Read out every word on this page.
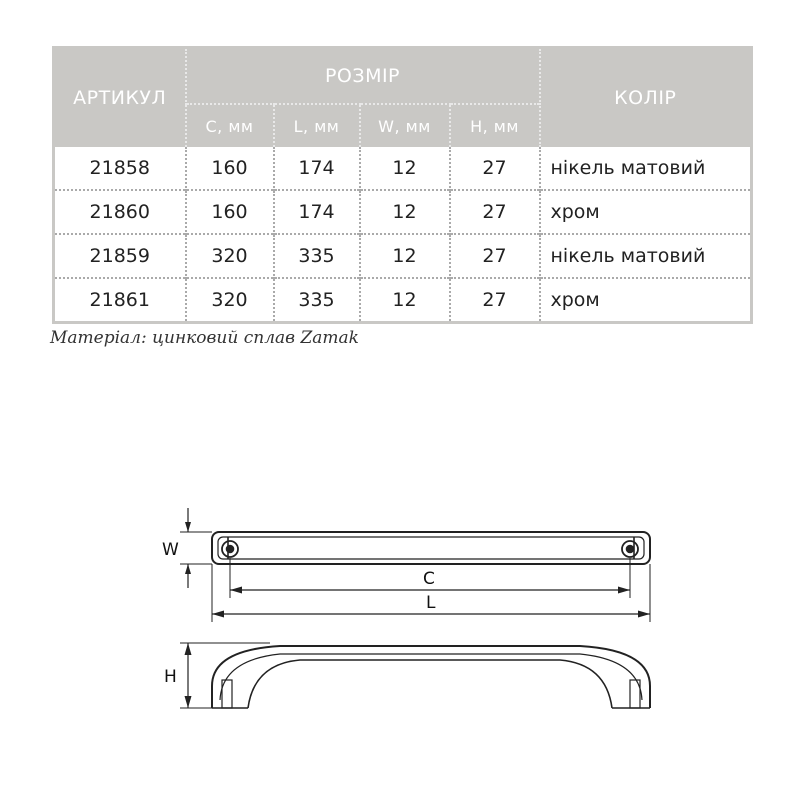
АРТИКУЛ	РОЗМІР				КОЛІР
	C, мм	L, мм	W, мм	H, мм	
21858	160	174	12	27	нікель матовий
21860	160	174	12	27	хром
21859	320	335	12	27	нікель матовий
21861	320	335	12	27	хром
Матеріал: цинковий сплав Zamak
W
C
L
H
